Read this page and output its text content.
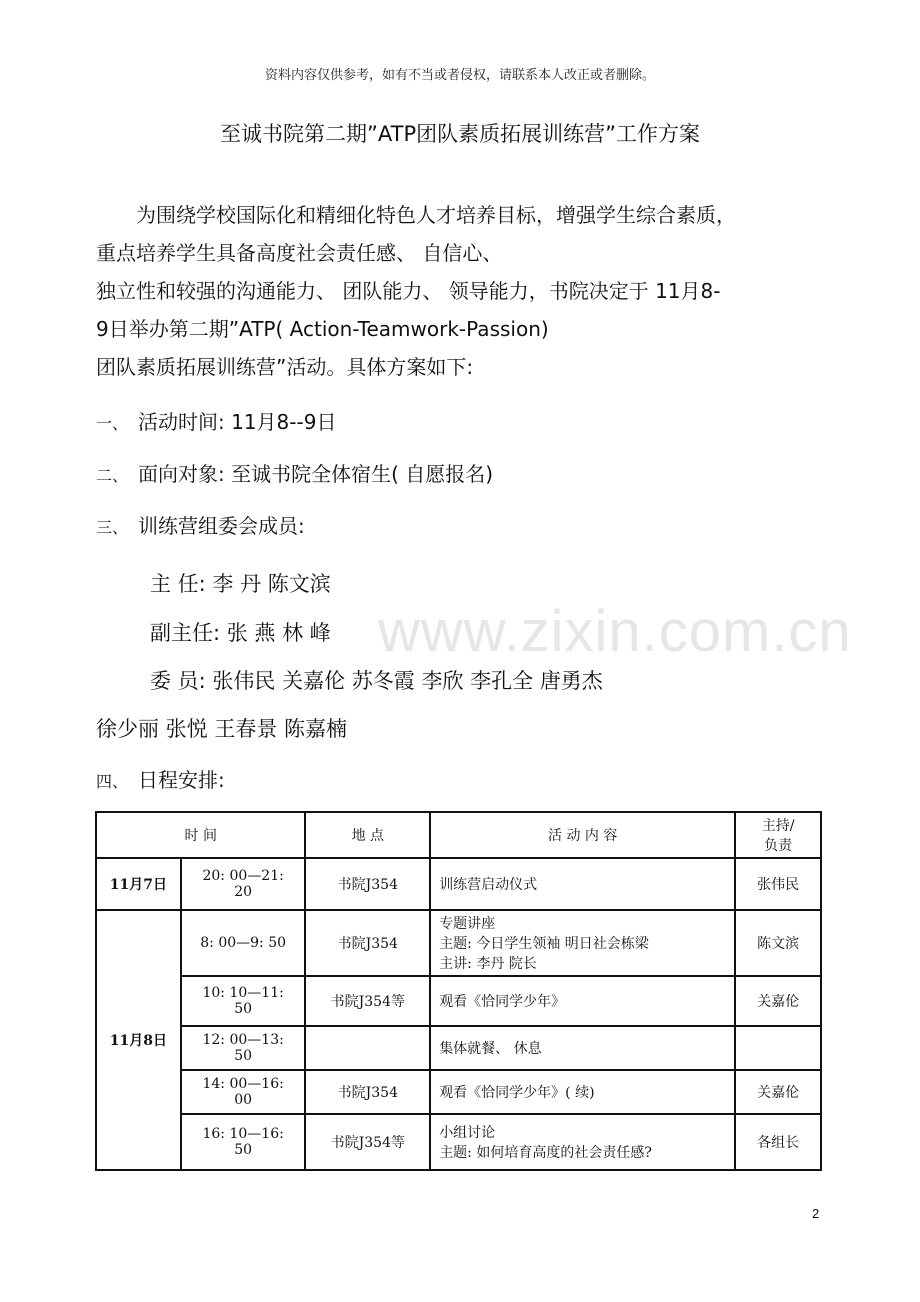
资料内容仅供参考，如有不当或者侵权，请联系本人改正或者删除。
至诚书院第二期”ATP团队素质拓展训练营”工作方案

　　为围绕学校国际化和精细化特色人才培养目标，增强学生综合素质，

重点培养学生具备高度社会责任感、 自信心、

独立性和较强的沟通能力、 团队能力、 领导能力，书院决定于 11月8-

9日举办第二期”ATP( Action-Teamwork-Passion)

团队素质拓展训练营”活动。具体方案如下:

一、 活动时间: 11月8--9日
二、 面向对象: 至诚书院全体宿生( 自愿报名)
三、 训练营组委会成员:
主 任: 李 丹 陈文滨
副主任: 张 燕 林 峰
委 员: 张伟民 关嘉伦 苏冬霞 李欣 李孔全 唐勇杰
徐少丽 张悦 王春景 陈嘉楠
www.zixin.com.cn
四、 日程安排:
时 间		地 点	活 动 内 容	主持/
负责
11月7日	20: 00—21:
20	书院J354	训练营启动仪式	张伟民
11月8日	8: 00—9: 50	书院J354	专题讲座
主题: 今日学生领袖 明日社会栋梁
主讲: 李丹 院长	陈文滨
	10: 10—11:
50	书院J354等	观看《恰同学少年》	关嘉伦
	12: 00—13:
50		集体就餐、 休息	
	14: 00—16:
00	书院J354	观看《恰同学少年》( 续)	关嘉伦
	16: 10—16:
50	书院J354等	小组讨论
主题: 如何培育高度的社会责任感?	各组长
2
